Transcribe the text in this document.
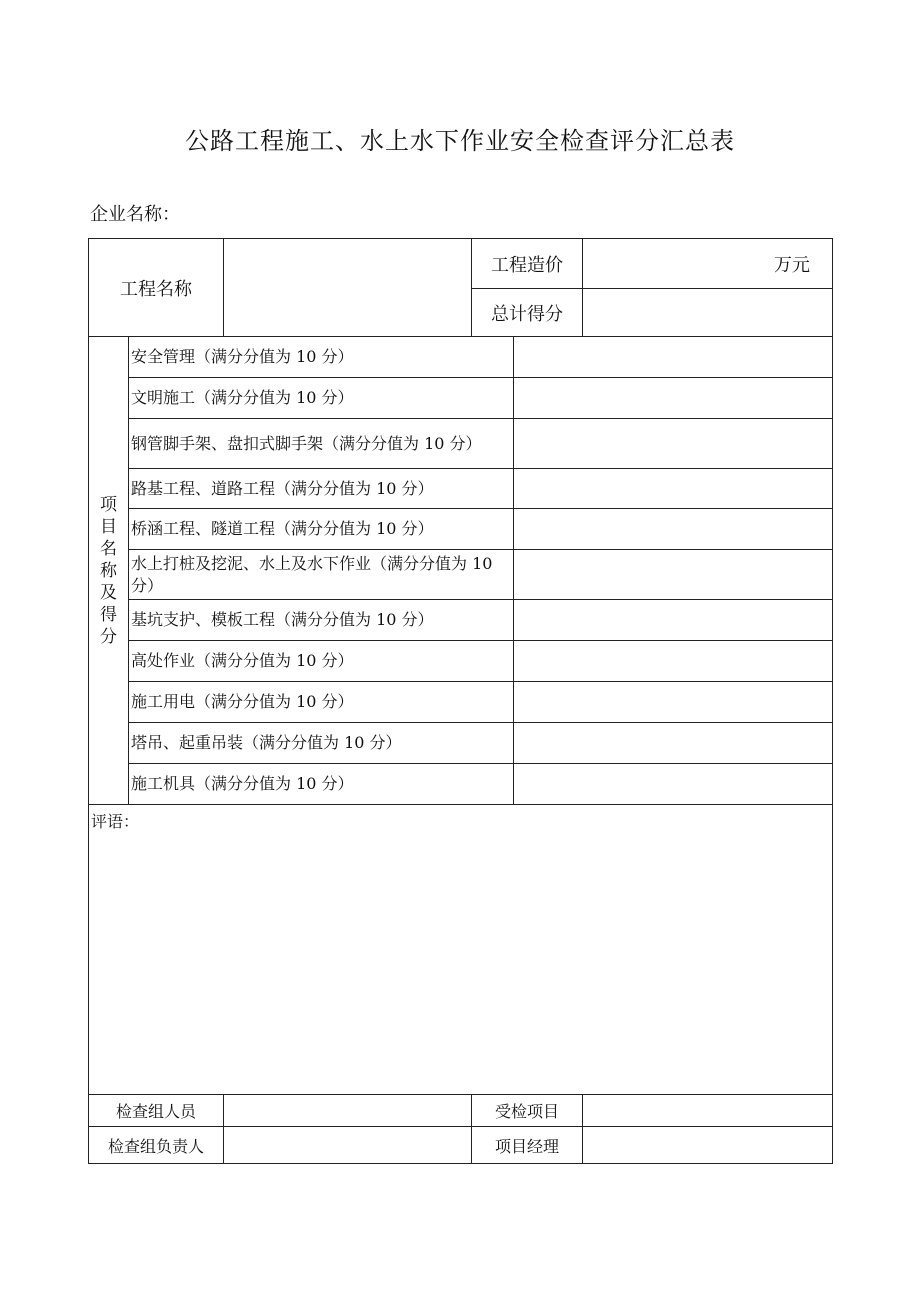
公路工程施工、水上水下作业安全检查评分汇总表
企业名称：
工程名称			工程造价		万元
			总计得分		
项目名称及得分	安全管理（满分分值为 10 分）				
	文明施工（满分分值为 10 分）				
	钢管脚手架、盘扣式脚手架（满分分值为 10 分）				
	路基工程、道路工程（满分分值为 10 分）				
	桥涵工程、隧道工程（满分分值为 10 分）				
	水上打桩及挖泥、水上及水下作业（满分分值为 10 分）				
	基坑支护、模板工程（满分分值为 10 分）				
	高处作业（满分分值为 10 分）				
	施工用电（满分分值为 10 分）				
	塔吊、起重吊装（满分分值为 10 分）				
	施工机具（满分分值为 10 分）				
评语：					
检查组人员			受检项目		
检查组负责人			项目经理		
